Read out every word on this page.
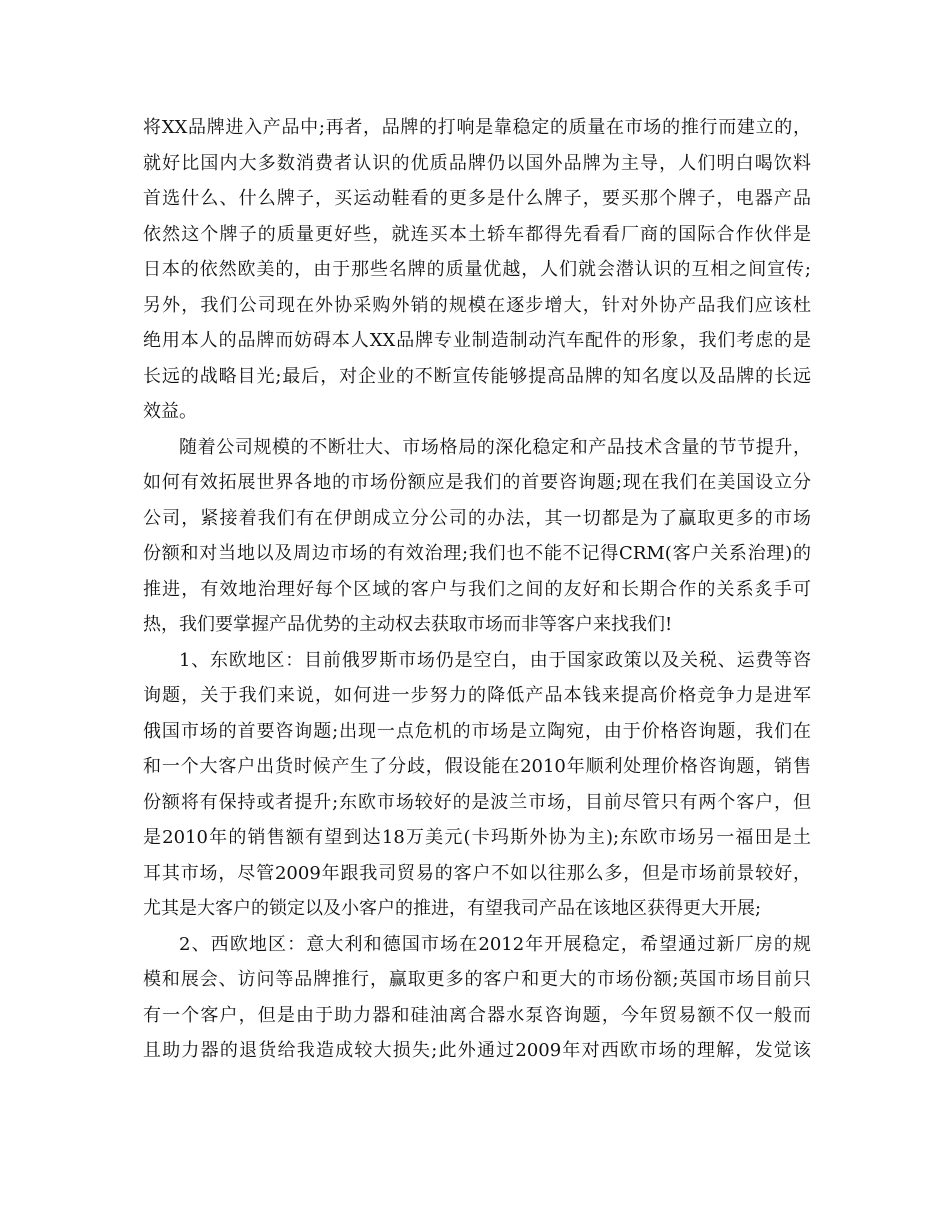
将XX品牌进入产品中;再者，品牌的打响是靠稳定的质量在市场的推行而建立的，
就好比国内大多数消费者认识的优质品牌仍以国外品牌为主导，人们明白喝饮料
首选什么、什么牌子，买运动鞋看的更多是什么牌子，要买那个牌子，电器产品
依然这个牌子的质量更好些，就连买本土轿车都得先看看厂商的国际合作伙伴是
日本的依然欧美的，由于那些名牌的质量优越，人们就会潜认识的互相之间宣传;
另外，我们公司现在外协采购外销的规模在逐步增大，针对外协产品我们应该杜
绝用本人的品牌而妨碍本人XX品牌专业制造制动汽车配件的形象，我们考虑的是
长远的战略目光;最后，对企业的不断宣传能够提高品牌的知名度以及品牌的长远
效益。
随着公司规模的不断壮大、市场格局的深化稳定和产品技术含量的节节提升，
如何有效拓展世界各地的市场份额应是我们的首要咨询题;现在我们在美国设立分
公司，紧接着我们有在伊朗成立分公司的办法，其一切都是为了赢取更多的市场
份额和对当地以及周边市场的有效治理;我们也不能不记得CRM(客户关系治理)的
推进，有效地治理好每个区域的客户与我们之间的友好和长期合作的关系炙手可
热，我们要掌握产品优势的主动权去获取市场而非等客户来找我们!
1、东欧地区：目前俄罗斯市场仍是空白，由于国家政策以及关税、运费等咨
询题，关于我们来说，如何进一步努力的降低产品本钱来提高价格竞争力是进军
俄国市场的首要咨询题;出现一点危机的市场是立陶宛，由于价格咨询题，我们在
和一个大客户出货时候产生了分歧，假设能在2010年顺利处理价格咨询题，销售
份额将有保持或者提升;东欧市场较好的是波兰市场，目前尽管只有两个客户，但
是2010年的销售额有望到达18万美元(卡玛斯外协为主);东欧市场另一福田是土
耳其市场，尽管2009年跟我司贸易的客户不如以往那么多，但是市场前景较好，
尤其是大客户的锁定以及小客户的推进，有望我司产品在该地区获得更大开展;
2、西欧地区：意大利和德国市场在2012年开展稳定，希望通过新厂房的规
模和展会、访问等品牌推行，赢取更多的客户和更大的市场份额;英国市场目前只
有一个客户，但是由于助力器和硅油离合器水泵咨询题，今年贸易额不仅一般而
且助力器的退货给我造成较大损失;此外通过2009年对西欧市场的理解，发觉该
